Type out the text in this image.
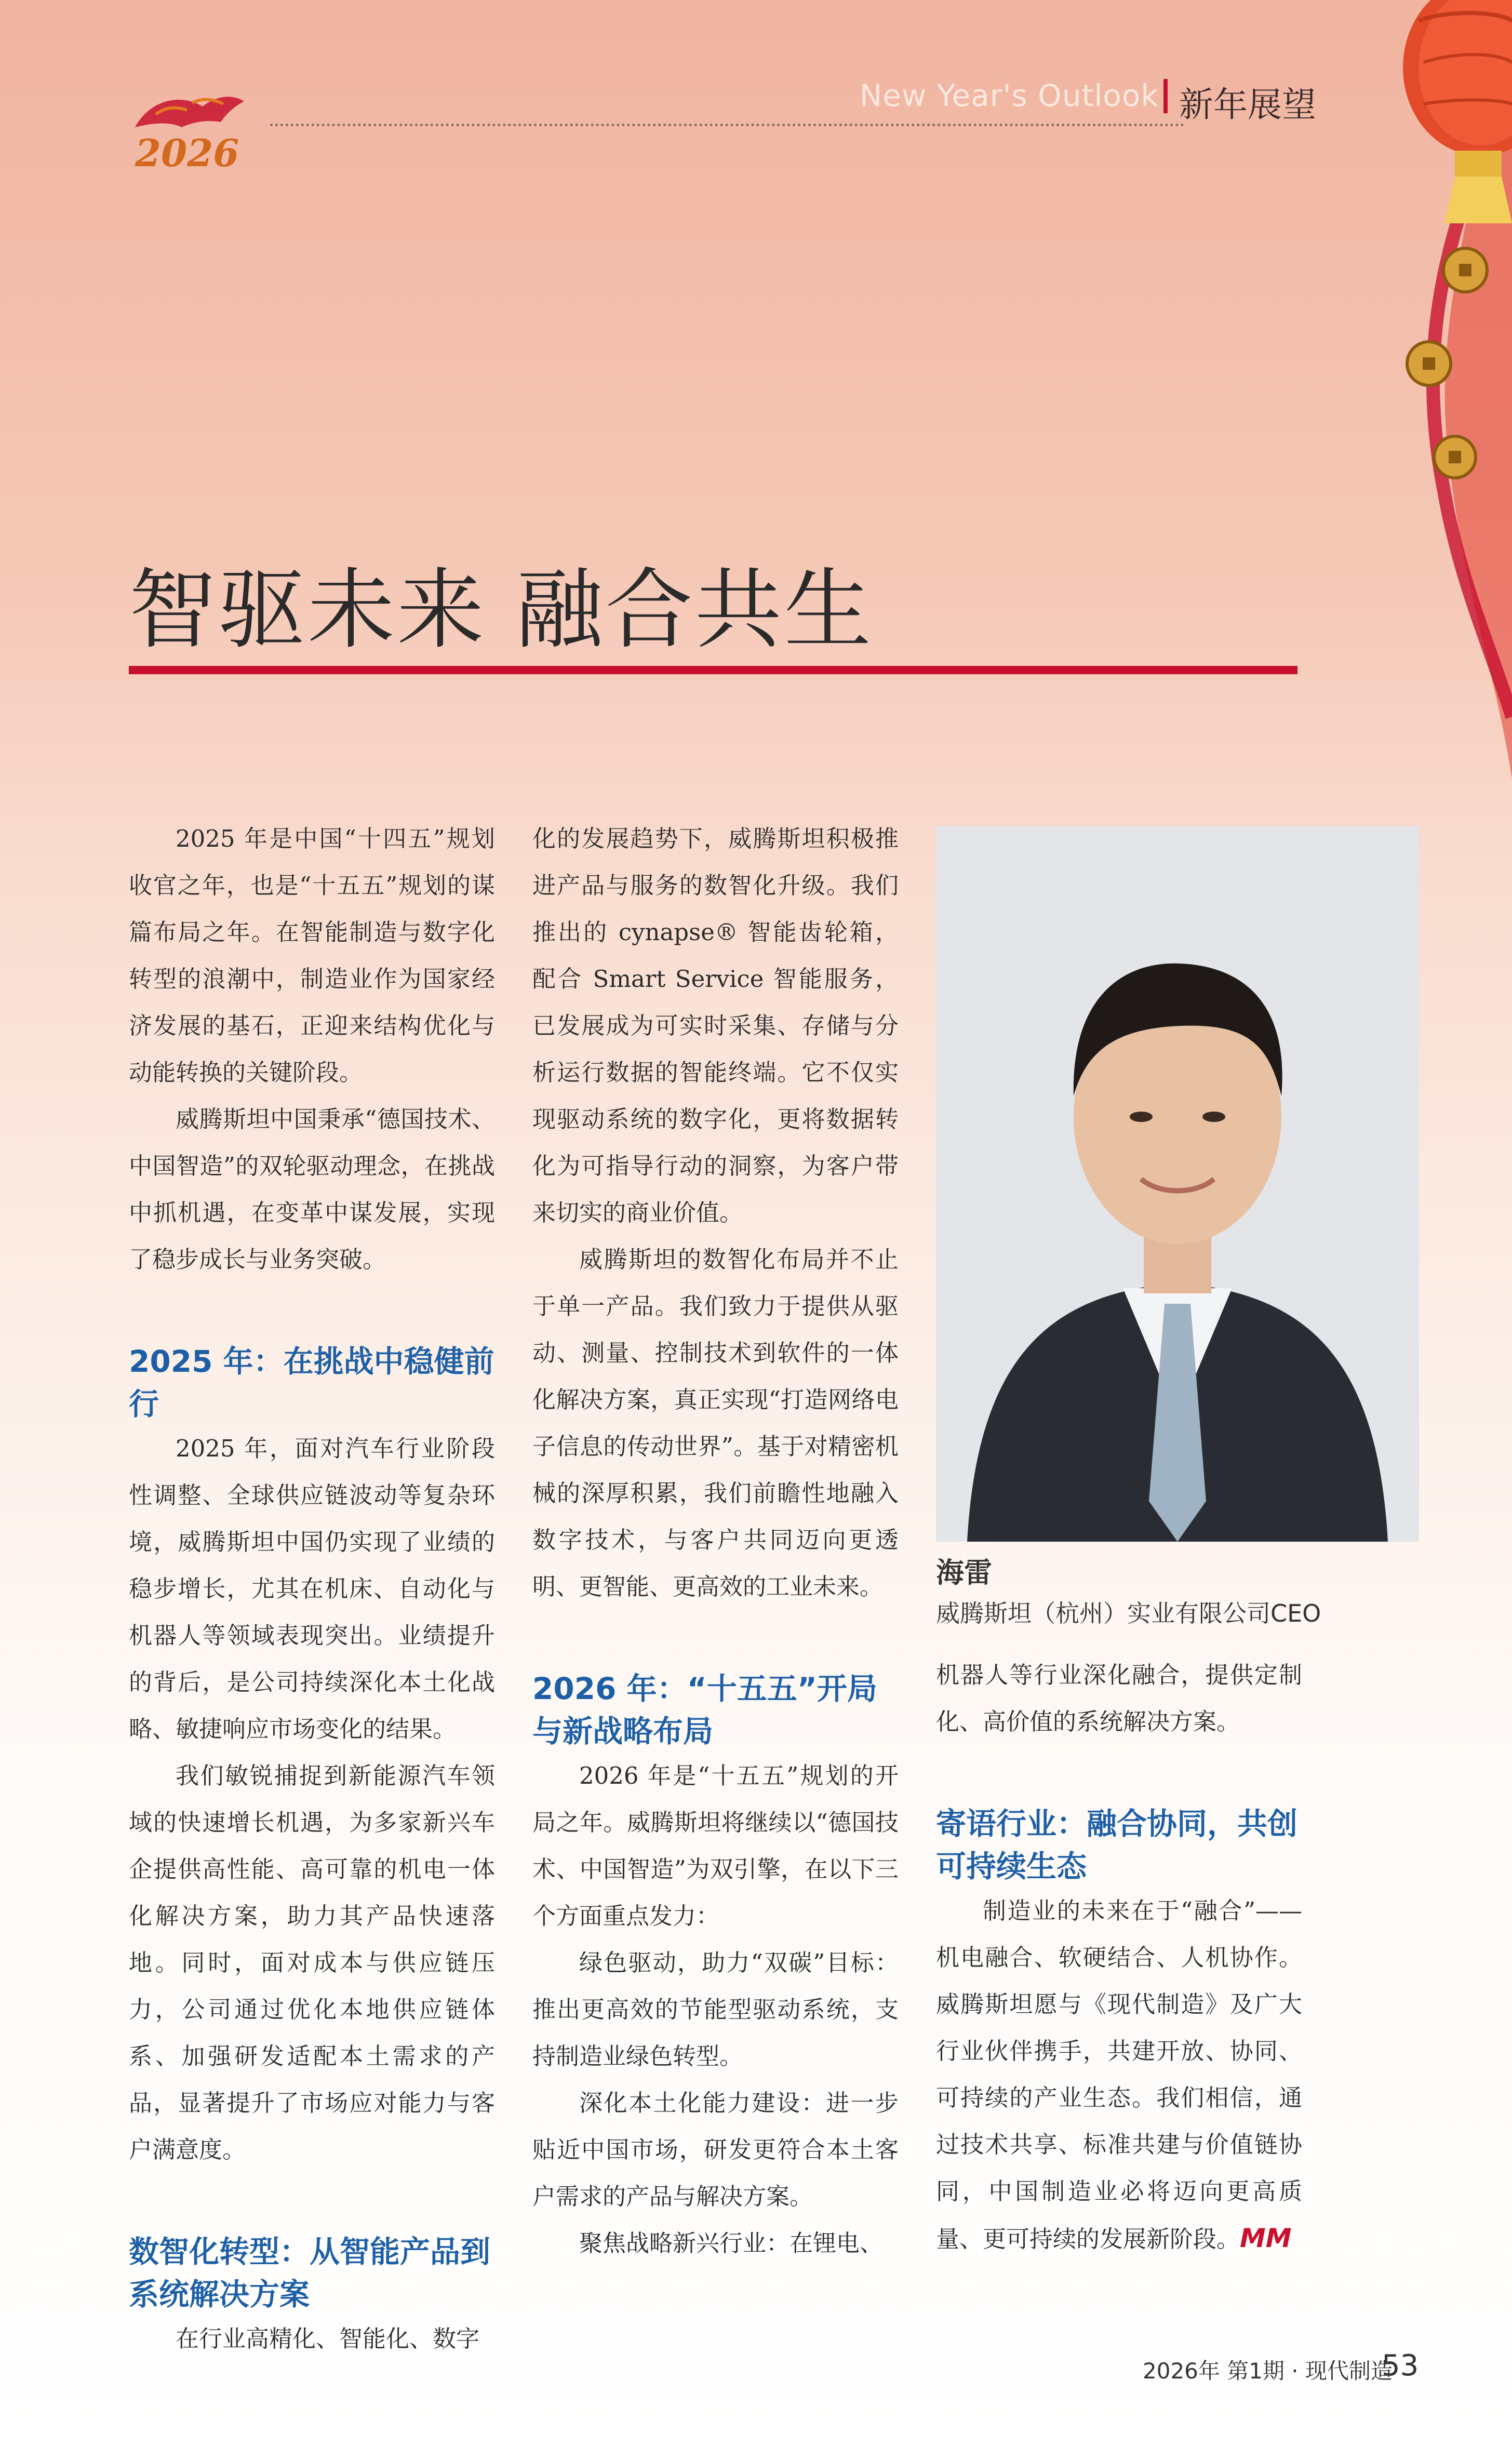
2026
New Year's Outlook 新年展望
智驱未来 融合共生

2025 年是中国“十四五”规划收官之年，也是“十五五”规划的谋篇布局之年。在智能制造与数字化转型的浪潮中，制造业作为国家经济发展的基石，正迎来结构优化与动能转换的关键阶段。

威腾斯坦中国秉承“德国技术、中国智造”的双轮驱动理念，在挑战中抓机遇，在变革中谋发展，实现了稳步成长与业务突破。

2025 年：在挑战中稳健前行

2025 年，面对汽车行业阶段性调整、全球供应链波动等复杂环境，威腾斯坦中国仍实现了业绩的稳步增长，尤其在机床、自动化与机器人等领域表现突出。业绩提升的背后，是公司持续深化本土化战略、敏捷响应市场变化的结果。

我们敏锐捕捉到新能源汽车领域的快速增长机遇，为多家新兴车企提供高性能、高可靠的机电一体化解决方案，助力其产品快速落地。同时，面对成本与供应链压力，公司通过优化本地供应链体系、加强研发适配本土需求的产品，显著提升了市场应对能力与客户满意度。

数智化转型：从智能产品到系统解决方案

在行业高精化、智能化、数字

化的发展趋势下，威腾斯坦积极推进产品与服务的数智化升级。我们推出的 cynapse® 智能齿轮箱，配合 Smart Service 智能服务，已发展成为可实时采集、存储与分析运行数据的智能终端。它不仅实现驱动系统的数字化，更将数据转化为可指导行动的洞察，为客户带来切实的商业价值。

威腾斯坦的数智化布局并不止于单一产品。我们致力于提供从驱动、测量、控制技术到软件的一体化解决方案，真正实现“打造网络电子信息的传动世界”。基于对精密机械的深厚积累，我们前瞻性地融入数字技术，与客户共同迈向更透明、更智能、更高效的工业未来。

2026 年：“十五五”开局与新战略布局

2026 年是“十五五”规划的开局之年。威腾斯坦将继续以“德国技术、中国智造”为双引擎，在以下三个方面重点发力：

绿色驱动，助力“双碳”目标：推出更高效的节能型驱动系统，支持制造业绿色转型。

深化本土化能力建设：进一步贴近中国市场，研发更符合本土客户需求的产品与解决方案。

聚焦战略新兴行业：在锂电、

海雷
威腾斯坦（杭州）实业有限公司CEO

机器人等行业深化融合，提供定制化、高价值的系统解决方案。

寄语行业：融合协同，共创可持续生态

制造业的未来在于“融合”——机电融合、软硬结合、人机协作。威腾斯坦愿与《现代制造》及广大行业伙伴携手，共建开放、协同、可持续的产业生态。我们相信，通过技术共享、标准共建与价值链协同，中国制造业必将迈向更高质量、更可持续的发展新阶段。MM

2026年 第1期 · 现代制造
53
